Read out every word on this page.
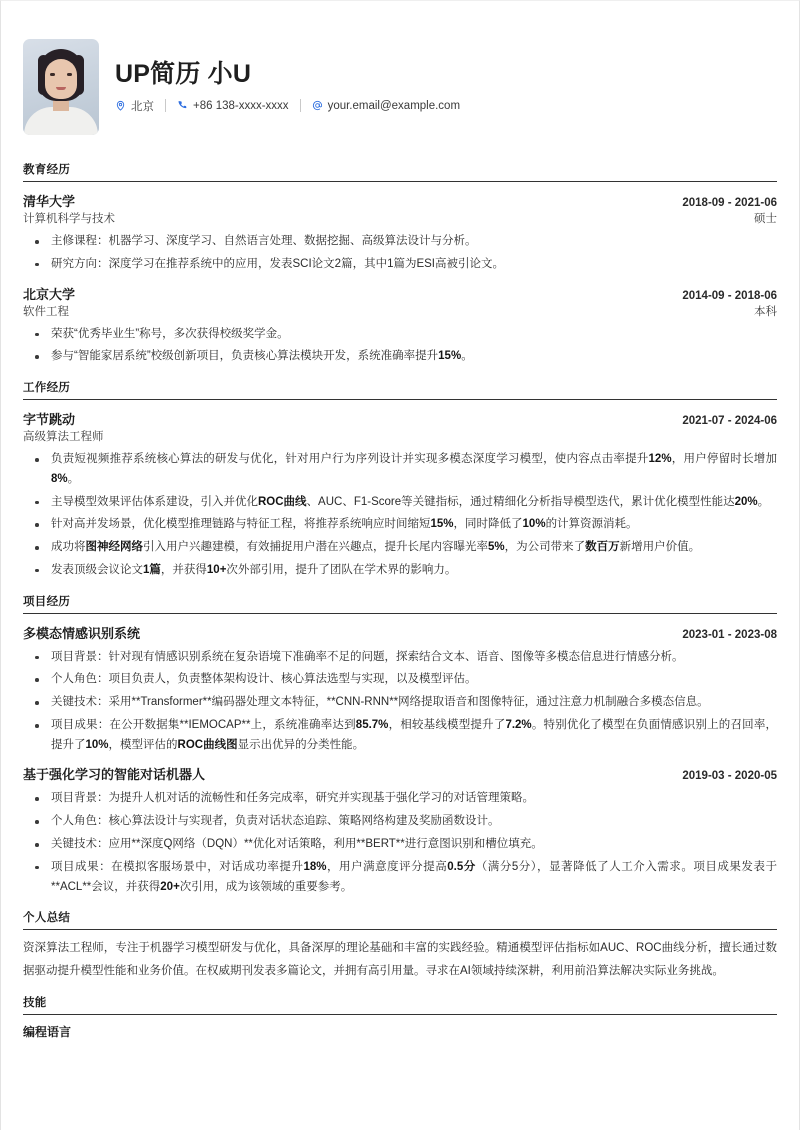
UP简历 小U
北京	+86 138-xxxx-xxxx	your.email@example.com
教育经历
清华大学	2018-09 - 2021-06
计算机科学与技术	硕士
主修课程：机器学习、深度学习、自然语言处理、数据挖掘、高级算法设计与分析。
研究方向：深度学习在推荐系统中的应用，发表SCI论文2篇，其中1篇为ESI高被引论文。
北京大学	2014-09 - 2018-06
软件工程	本科
荣获“优秀毕业生”称号，多次获得校级奖学金。
参与“智能家居系统”校级创新项目，负责核心算法模块开发，系统准确率提升15%。
工作经历
字节跳动	2021-07 - 2024-06
高级算法工程师
负责短视频推荐系统核心算法的研发与优化，针对用户行为序列设计并实现多模态深度学习模型，使内容点击率提升12%，用户停留时长增加8%。
主导模型效果评估体系建设，引入并优化ROC曲线、AUC、F1-Score等关键指标，通过精细化分析指导模型迭代，累计优化模型性能达20%。
针对高并发场景，优化模型推理链路与特征工程，将推荐系统响应时间缩短15%，同时降低了10%的计算资源消耗。
成功将图神经网络引入用户兴趣建模，有效捕捉用户潜在兴趣点，提升长尾内容曝光率5%，为公司带来了数百万新增用户价值。
发表顶级会议论文1篇，并获得10+次外部引用，提升了团队在学术界的影响力。
项目经历
多模态情感识别系统	2023-01 - 2023-08
项目背景：针对现有情感识别系统在复杂语境下准确率不足的问题，探索结合文本、语音、图像等多模态信息进行情感分析。
个人角色：项目负责人，负责整体架构设计、核心算法选型与实现，以及模型评估。
关键技术：采用**Transformer**编码器处理文本特征，**CNN-RNN**网络提取语音和图像特征，通过注意力机制融合多模态信息。
项目成果：在公开数据集**IEMOCAP**上，系统准确率达到85.7%，相较基线模型提升了7.2%。特别优化了模型在负面情感识别上的召回率，提升了10%，模型评估的ROC曲线图显示出优异的分类性能。
基于强化学习的智能对话机器人	2019-03 - 2020-05
项目背景：为提升人机对话的流畅性和任务完成率，研究并实现基于强化学习的对话管理策略。
个人角色：核心算法设计与实现者，负责对话状态追踪、策略网络构建及奖励函数设计。
关键技术：应用**深度Q网络（DQN）**优化对话策略，利用**BERT**进行意图识别和槽位填充。
项目成果：在模拟客服场景中，对话成功率提升18%，用户满意度评分提高0.5分（满分5分），显著降低了人工介入需求。项目成果发表于**ACL**会议，并获得20+次引用，成为该领域的重要参考。
个人总结
资深算法工程师，专注于机器学习模型研发与优化，具备深厚的理论基础和丰富的实践经验。精通模型评估指标如AUC、ROC曲线分析，擅长通过数据驱动提升模型性能和业务价值。在权威期刊发表多篇论文，并拥有高引用量。寻求在AI领域持续深耕，利用前沿算法解决实际业务挑战。
技能
编程语言
